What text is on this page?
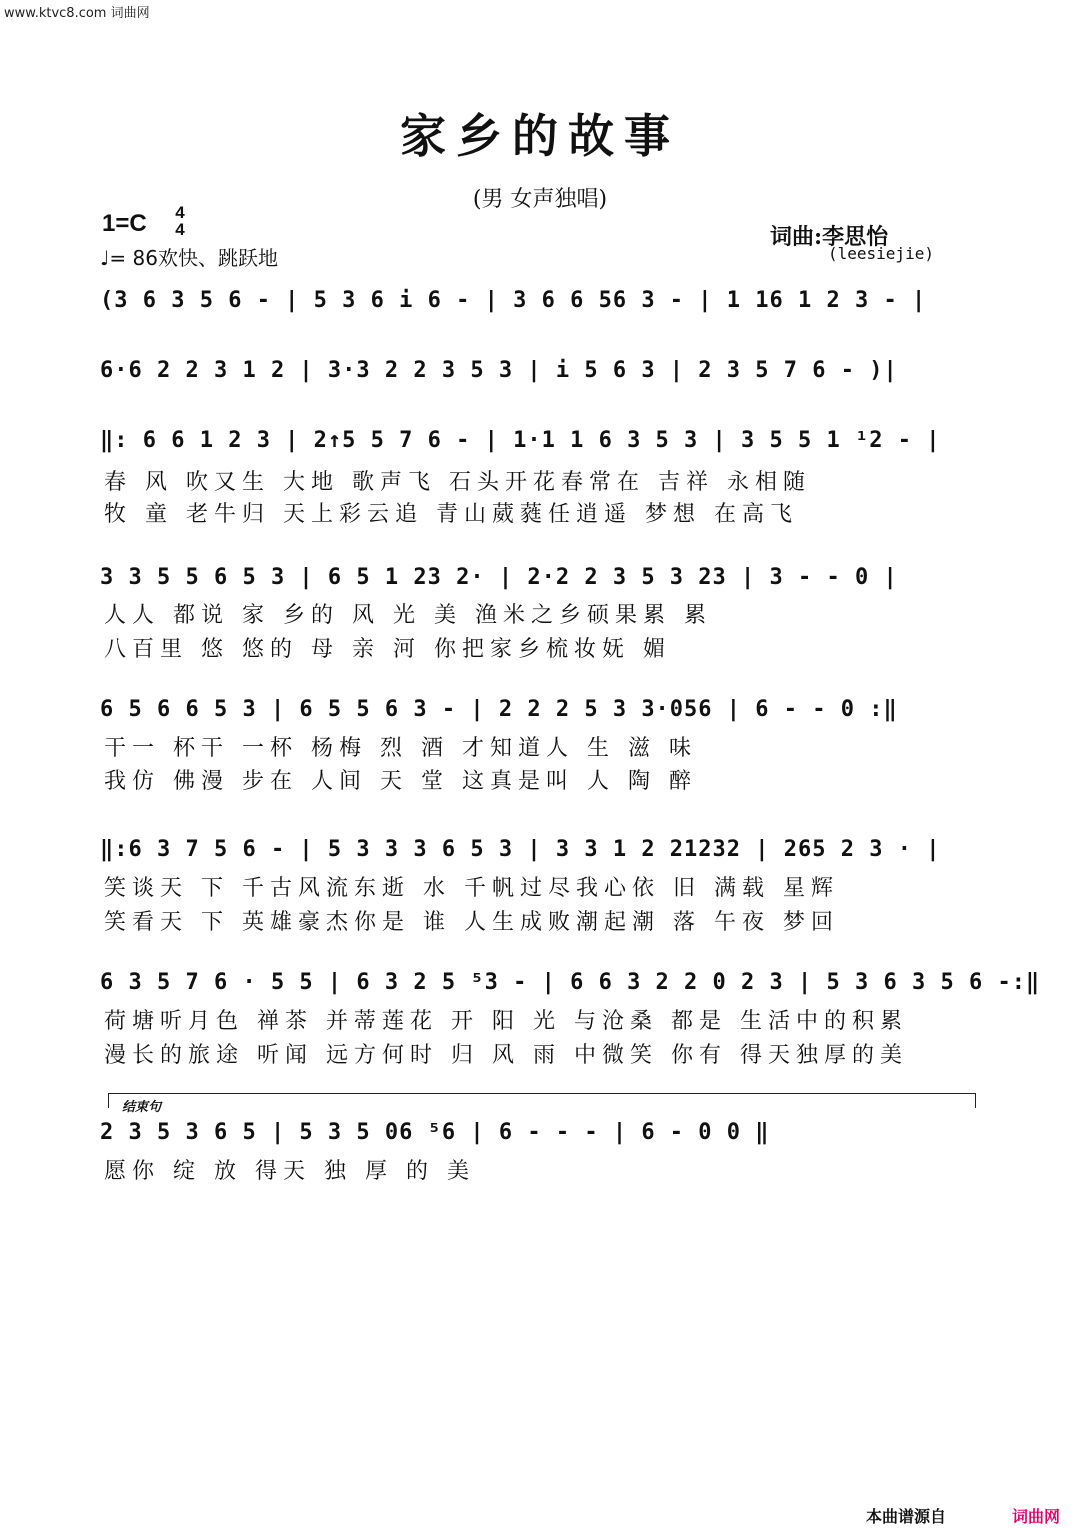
www.ktvc8.com 词曲网
家乡的故事
(男 女声独唱)
1=C	4
4
♩= 86欢快、跳跃地
词曲:李思怡
(leesiejie)
(3 6 3 5 6 - | 5 3 6 i 6 - | 3 6 6 56 3 - | 1 16 1 2 3 - |
6·6 2 2 3 1 2 | 3·3 2 2 3 5 3 | i 5 6 3 | 2 3 5 7 6 - )|
‖: 6 6 1 2 3 | 2↑5 5 7 6 - | 1·1 1 6 3 5 3 | 3 5 5 1 ¹2 - |
春 风 吹又生 大地 歌声飞 石头开花春常在 吉祥 永相随
牧 童 老牛归 天上彩云追 青山葳蕤任逍遥 梦想 在高飞
3 3 5 5 6 5 3 | 6 5 1 23 2· | 2·2 2 3 5 3 23 | 3 - - 0 |
人人 都说 家 乡的 风 光 美 渔米之乡硕果累 累
八百里 悠 悠的 母 亲 河 你把家乡梳妆妩 媚
6 5 6 6 5 3 | 6 5 5 6 3 - | 2 2 2 5 3 3·056 | 6 - - 0 :‖
干一 杯干 一杯 杨梅 烈 酒 才知道人 生 滋 味
我仿 佛漫 步在 人间 天 堂 这真是叫 人 陶 醉
‖:6 3 7 5 6 - | 5 3 3 3 6 5 3 | 3 3 1 2 21232 | 265 2 3 · |
笑谈天 下 千古风流东逝 水 千帆过尽我心依 旧 满载 星辉
笑看天 下 英雄豪杰你是 谁 人生成败潮起潮 落 午夜 梦回
6 3 5 7 6 · 5 5 | 6 3 2 5 ⁵3 - | 6 6 3 2 2 0 2 3 | 5 3 6 3 5 6 -:‖
荷塘听月色 禅茶 并蒂莲花 开 阳 光 与沧桑 都是 生活中的积累
漫长的旅途 听闻 远方何时 归 风 雨 中微笑 你有 得天独厚的美
结束句
2 3 5 3 6 5 | 5 3 5 06 ⁵6 | 6 - - - | 6 - 0 0 ‖
愿你 绽 放 得天 独 厚 的 美
本曲谱源自	词曲网
